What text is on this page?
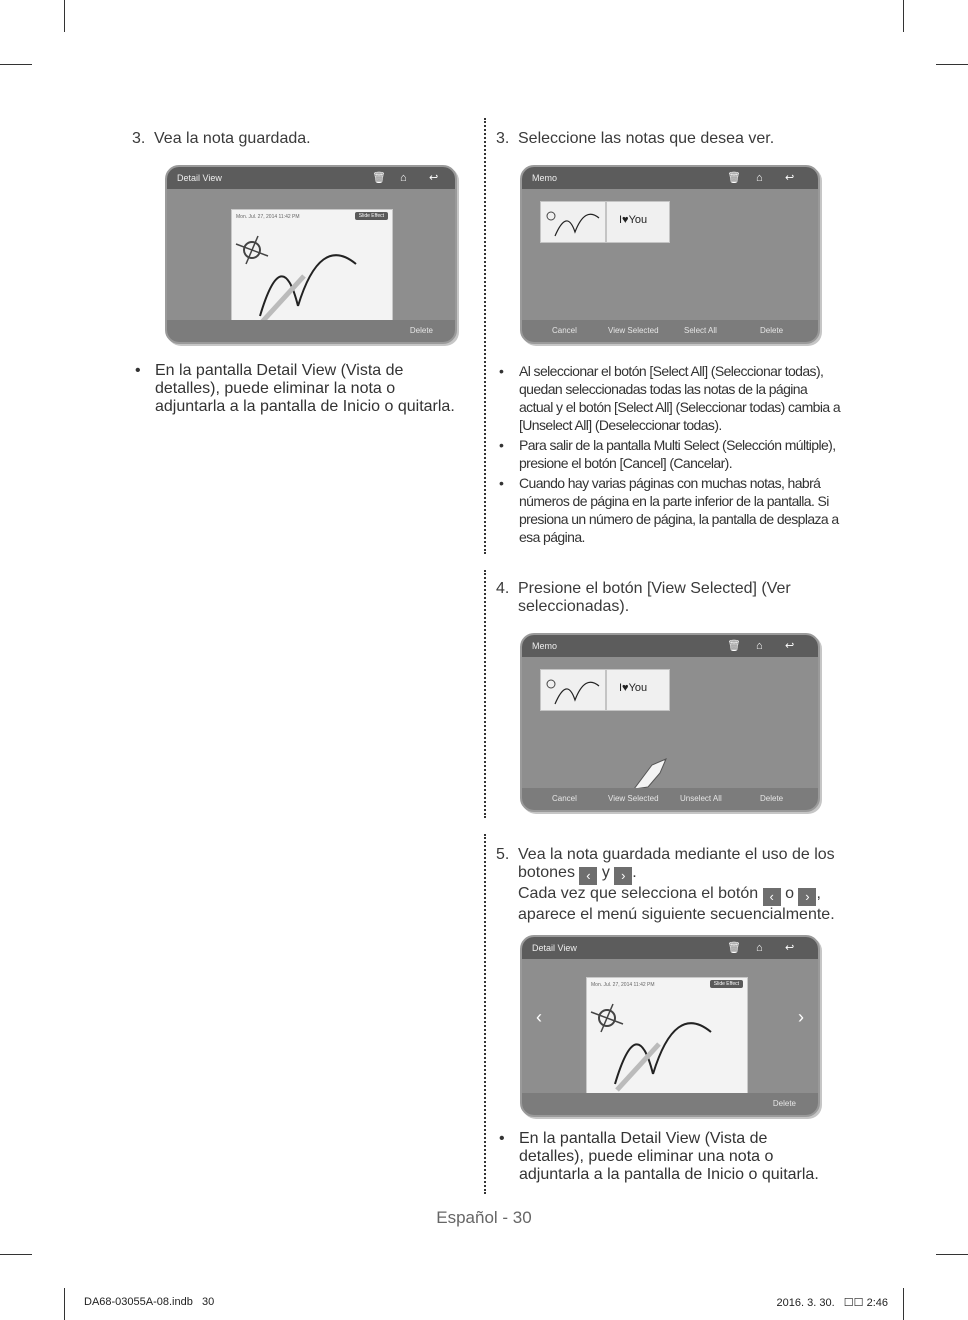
3. Vea la nota guardada.
Detail View	🗑 ⌂ ↩
Mon. Jul. 27, 2014 11:42 PM	Slide Effect
Delete
• En la pantalla Detail View (Vista de detalles), puede eliminar la nota o adjuntarla a la pantalla de Inicio o quitarla.
3. Seleccione las notas que desea ver.
Memo	🗑 ⌂ ↩
I♥You
Cancel	View Selected	Select All	Delete
• Al seleccionar el botón [Select All] (Seleccionar todas), quedan seleccionadas todas las notas de la página actual y el botón [Select All] (Seleccionar todas) cambia a [Unselect All] (Deseleccionar todas).
• Para salir de la pantalla Multi Select (Selección múltiple), presione el botón [Cancel] (Cancelar).
• Cuando hay varias páginas con muchas notas, habrá números de página en la parte inferior de la pantalla. Si presiona un número de página, la pantalla de desplaza a esa página.
4. Presione el botón [View Selected] (Ver seleccionadas).
Memo	🗑 ⌂ ↩
I♥You
Cancel	View Selected	Unselect All	Delete
5. Vea la nota guardada mediante el uso de los
botones ‹ y › .
Cada vez que selecciona el botón ‹ o › ,
aparece el menú siguiente secuencialmente.
Detail View	🗑 ⌂ ↩
‹	›
Mon. Jul. 27, 2014 11:42 PM	Slide Effect
Delete
• En la pantalla Detail View (Vista de detalles), puede eliminar una nota o adjuntarla a la pantalla de Inicio o quitarla.
Español - 30
DA68-03055A-08.indb   30	2016. 3. 30.   ☐☐ 2:46
